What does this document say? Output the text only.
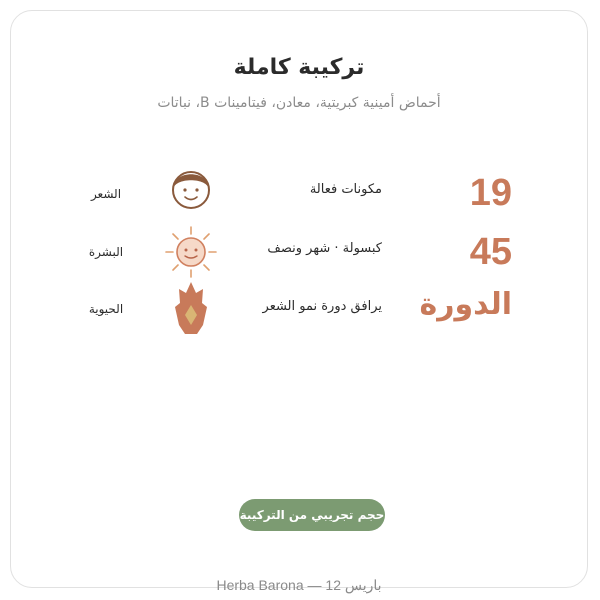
تركيبة كاملة
أحماض أمينية كبريتية، معادن، فيتامينات B، نباتات
19
مكونات فعالة
45
كبسولة · شهر ونصف
الدورة
يرافق دورة نمو الشعر
الشعر
البشرة
الحيوية
حجم تجريبي من التركيبة
باريس 12 — Herba Barona
